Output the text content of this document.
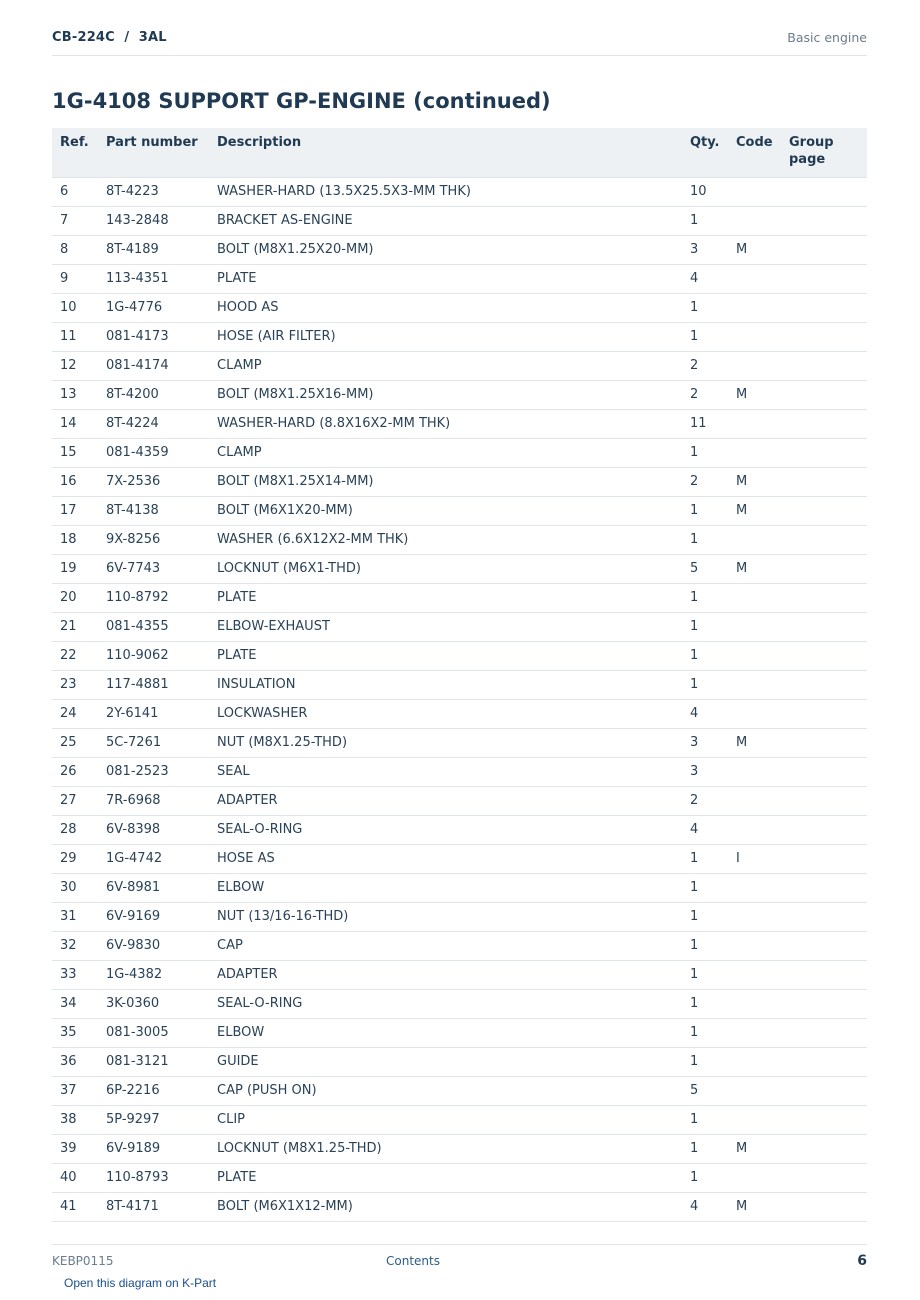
CB-224C  /  3AL	Basic engine
1G-4108 SUPPORT GP-ENGINE (continued)
Ref.	Part number	Description	Qty.	Code	Group page
6	8T-4223	WASHER-HARD (13.5X25.5X3-MM THK)	10		
7	143-2848	BRACKET AS-ENGINE	1		
8	8T-4189	BOLT (M8X1.25X20-MM)	3	M	
9	113-4351	PLATE	4		
10	1G-4776	HOOD AS	1		
11	081-4173	HOSE (AIR FILTER)	1		
12	081-4174	CLAMP	2		
13	8T-4200	BOLT (M8X1.25X16-MM)	2	M	
14	8T-4224	WASHER-HARD (8.8X16X2-MM THK)	11		
15	081-4359	CLAMP	1		
16	7X-2536	BOLT (M8X1.25X14-MM)	2	M	
17	8T-4138	BOLT (M6X1X20-MM)	1	M	
18	9X-8256	WASHER (6.6X12X2-MM THK)	1		
19	6V-7743	LOCKNUT (M6X1-THD)	5	M	
20	110-8792	PLATE	1		
21	081-4355	ELBOW-EXHAUST	1		
22	110-9062	PLATE	1		
23	117-4881	INSULATION	1		
24	2Y-6141	LOCKWASHER	4		
25	5C-7261	NUT (M8X1.25-THD)	3	M	
26	081-2523	SEAL	3		
27	7R-6968	ADAPTER	2		
28	6V-8398	SEAL-O-RING	4		
29	1G-4742	HOSE AS	1	I	
30	6V-8981	ELBOW	1		
31	6V-9169	NUT (13/16-16-THD)	1		
32	6V-9830	CAP	1		
33	1G-4382	ADAPTER	1		
34	3K-0360	SEAL-O-RING	1		
35	081-3005	ELBOW	1		
36	081-3121	GUIDE	1		
37	6P-2216	CAP (PUSH ON)	5		
38	5P-9297	CLIP	1		
39	6V-9189	LOCKNUT (M8X1.25-THD)	1	M	
40	110-8793	PLATE	1		
41	8T-4171	BOLT (M6X1X12-MM)	4	M	
KEBP0115	Contents	6
Open this diagram on K-Part
